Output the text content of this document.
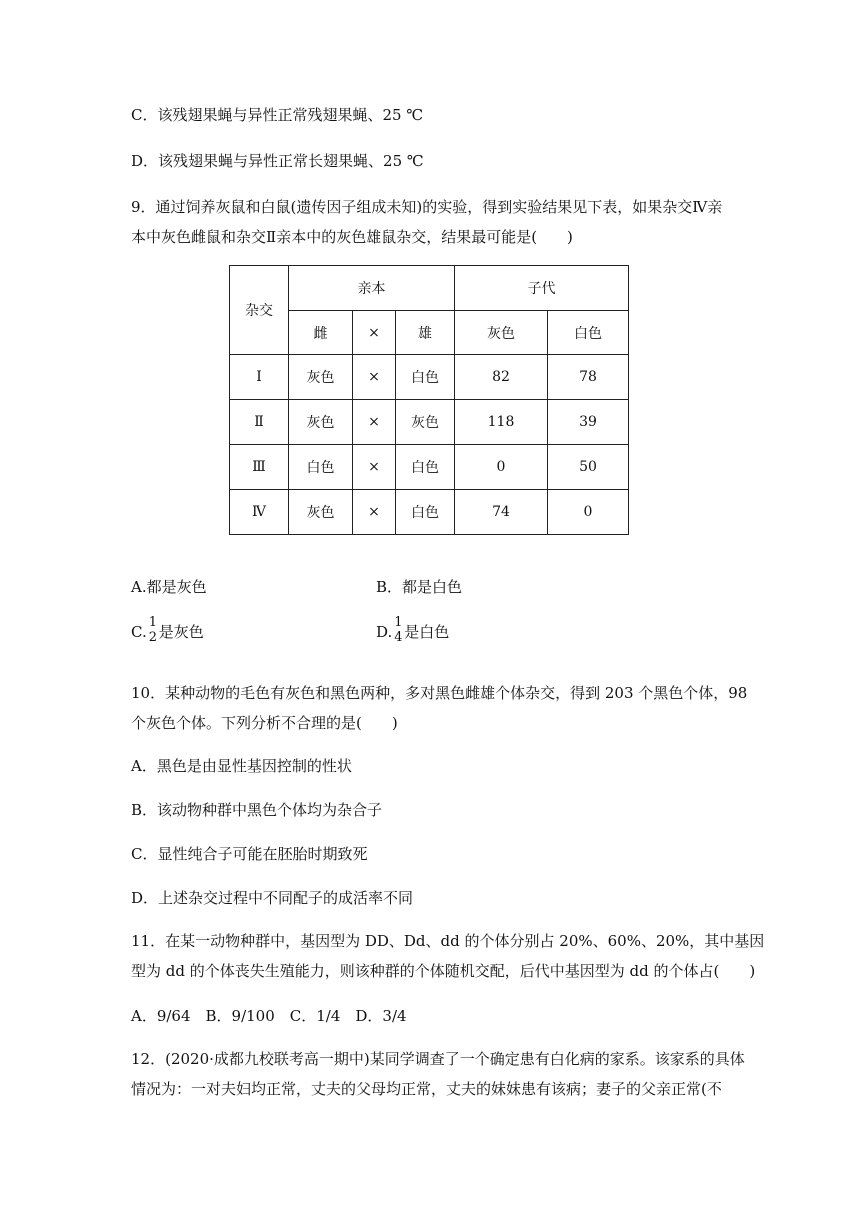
C．该残翅果蝇与异性正常残翅果蝇、25 ℃
D．该残翅果蝇与异性正常长翅果蝇、25 ℃
9．通过饲养灰鼠和白鼠(遗传因子组成未知)的实验，得到实验结果见下表，如果杂交Ⅳ亲
本中灰色雌鼠和杂交Ⅱ亲本中的灰色雄鼠杂交，结果最可能是(　　)
杂交	亲本			子代	
	雌	×	雄	灰色	白色
Ⅰ	灰色	×	白色	82	78
Ⅱ	灰色	×	灰色	118	39
Ⅲ	白色	×	白色	0	50
Ⅳ	灰色	×	白色	74	0
A.都是灰色	B．都是白色
C.
1
2 是灰色	D.
1
4 是白色
10．某种动物的毛色有灰色和黑色两种，多对黑色雌雄个体杂交，得到 203 个黑色个体，98
个灰色个体。下列分析不合理的是(　　)
A．黑色是由显性基因控制的性状
B．该动物种群中黑色个体均为杂合子
C．显性纯合子可能在胚胎时期致死
D．上述杂交过程中不同配子的成活率不同
11．在某一动物种群中，基因型为 DD、Dd、dd 的个体分别占 20%、60%、20%，其中基因
型为 dd 的个体丧失生殖能力，则该种群的个体随机交配，后代中基因型为 dd 的个体占(　　)
A．9/64　B．9/100　C．1/4　D．3/4
12．(2020·成都九校联考高一期中)某同学调查了一个确定患有白化病的家系。该家系的具体
情况为：一对夫妇均正常，丈夫的父母均正常，丈夫的妹妹患有该病；妻子的父亲正常(不
